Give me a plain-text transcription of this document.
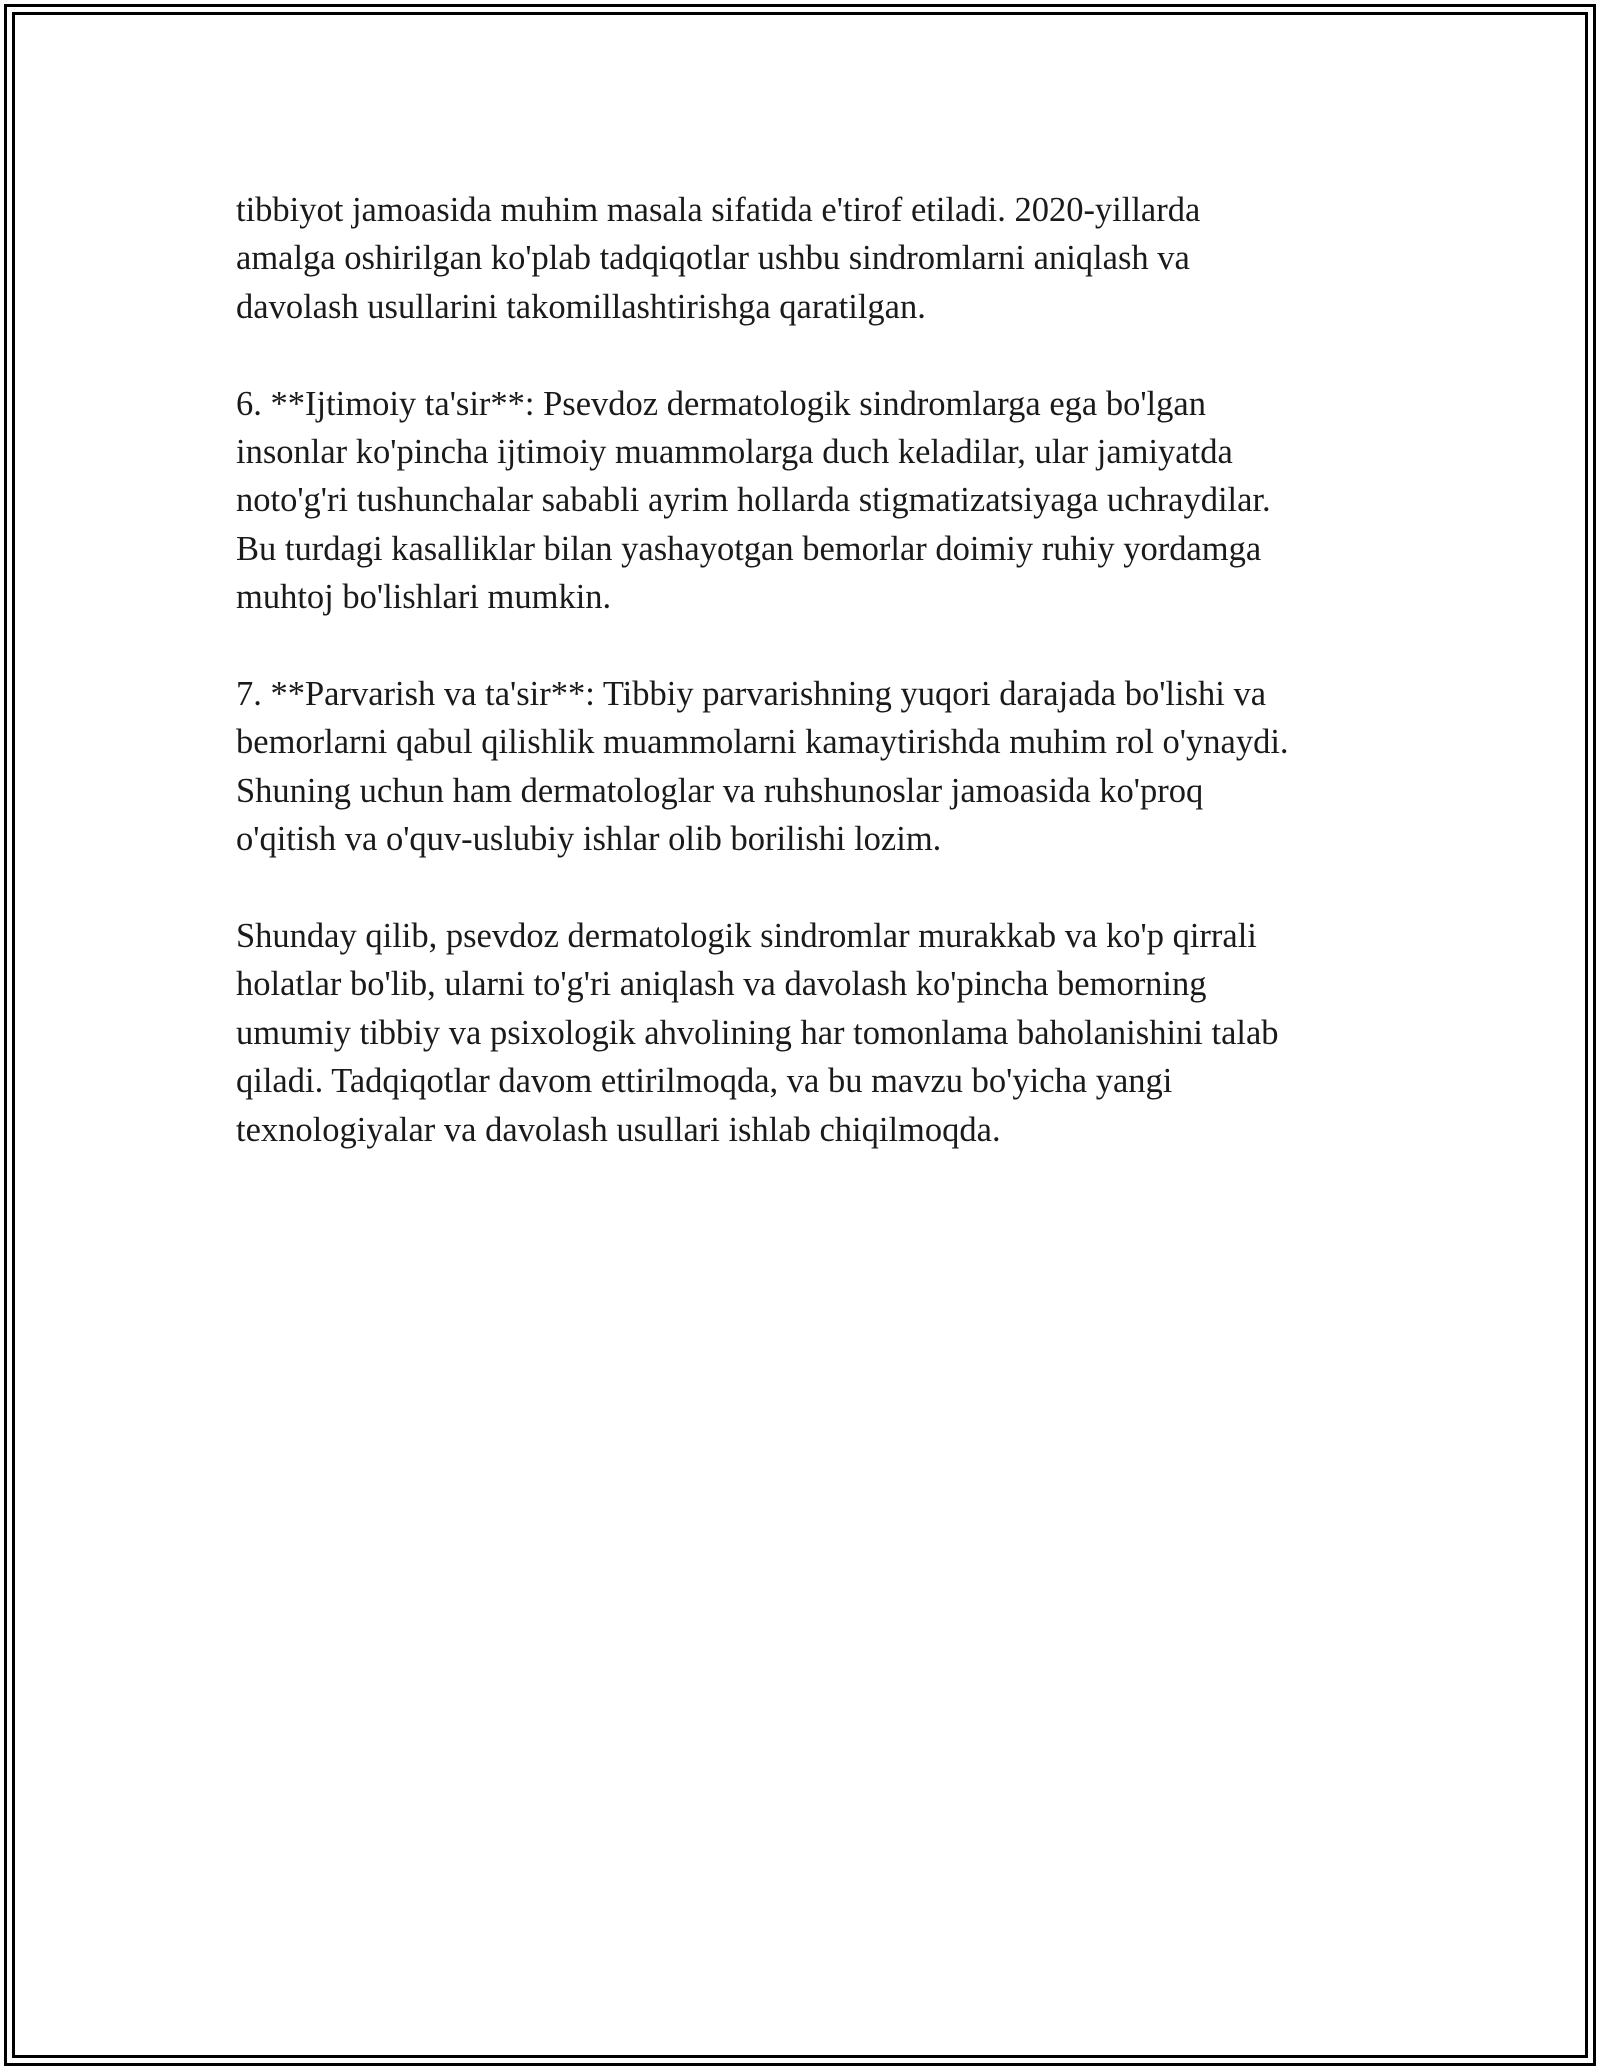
tibbiyot jamoasida muhim masala sifatida e'tirof etiladi. 2020-yillarda
amalga oshirilgan ko'plab tadqiqotlar ushbu sindromlarni aniqlash va
davolash usullarini takomillashtirishga qaratilgan.

6. **Ijtimoiy ta'sir**: Psevdoz dermatologik sindromlarga ega bo'lgan
insonlar ko'pincha ijtimoiy muammolarga duch keladilar, ular jamiyatda
noto'g'ri tushunchalar sababli ayrim hollarda stigmatizatsiyaga uchraydilar.
Bu turdagi kasalliklar bilan yashayotgan bemorlar doimiy ruhiy yordamga
muhtoj bo'lishlari mumkin.

7. **Parvarish va ta'sir**: Tibbiy parvarishning yuqori darajada bo'lishi va
bemorlarni qabul qilishlik muammolarni kamaytirishda muhim rol o'ynaydi.
Shuning uchun ham dermatologlar va ruhshunoslar jamoasida ko'proq
o'qitish va o'quv-uslubiy ishlar olib borilishi lozim.

Shunday qilib, psevdoz dermatologik sindromlar murakkab va ko'p qirrali
holatlar bo'lib, ularni to'g'ri aniqlash va davolash ko'pincha bemorning
umumiy tibbiy va psixologik ahvolining har tomonlama baholanishini talab
qiladi. Tadqiqotlar davom ettirilmoqda, va bu mavzu bo'yicha yangi
texnologiyalar va davolash usullari ishlab chiqilmoqda.
